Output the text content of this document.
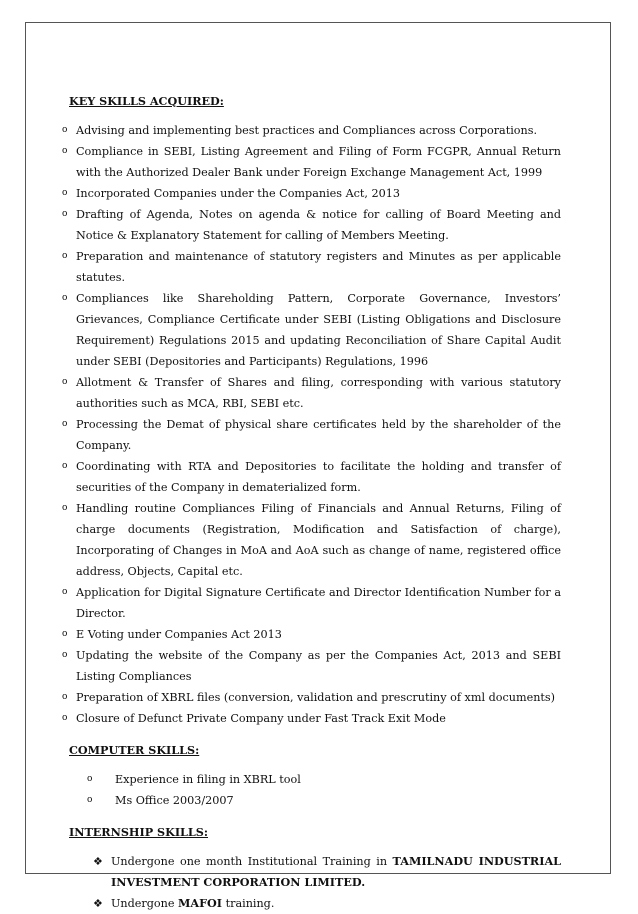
KEY SKILLS ACQUIRED:

o Advising and implementing best practices and Compliances across Corporations.
o Compliance in SEBI, Listing Agreement and Filing of Form FCGPR, Annual Return with the Authorized Dealer Bank under Foreign Exchange Management Act, 1999
o Incorporated Companies under the Companies Act, 2013
o Drafting of Agenda, Notes on agenda & notice for calling of Board Meeting and Notice & Explanatory Statement for calling of Members Meeting.
o Preparation and maintenance of statutory registers and Minutes as per applicable statutes.
o Compliances like Shareholding Pattern, Corporate Governance, Investors’ Grievances, Compliance Certificate under SEBI (Listing Obligations and Disclosure Requirement) Regulations 2015 and updating Reconciliation of Share Capital Audit under SEBI (Depositories and Participants) Regulations, 1996
o Allotment & Transfer of Shares and filing, corresponding with various statutory authorities such as MCA, RBI, SEBI etc.
o Processing the Demat of physical share certificates held by the shareholder of the Company.
o Coordinating with RTA and Depositories to facilitate the holding and transfer of securities of the Company in dematerialized form.
o Handling routine Compliances Filing of Financials and Annual Returns, Filing of charge documents (Registration, Modification and Satisfaction of charge), Incorporating of Changes in MoA and AoA such as change of name, registered office address, Objects, Capital etc.
o Application for Digital Signature Certificate and Director Identification Number for a Director.
o E Voting under Companies Act 2013
o Updating the website of the Company as per the Companies Act, 2013 and SEBI Listing Compliances
o Preparation of XBRL files (conversion, validation and prescrutiny of xml documents)
o Closure of Defunct Private Company under Fast Track Exit Mode

COMPUTER SKILLS:

o Experience in filing in XBRL tool
o Ms Office 2003/2007

INTERNSHIP SKILLS:

❖ Undergone one month Institutional Training in TAMILNADU INDUSTRIAL INVESTMENT CORPORATION LIMITED.
❖ Undergone MAFOI training.
